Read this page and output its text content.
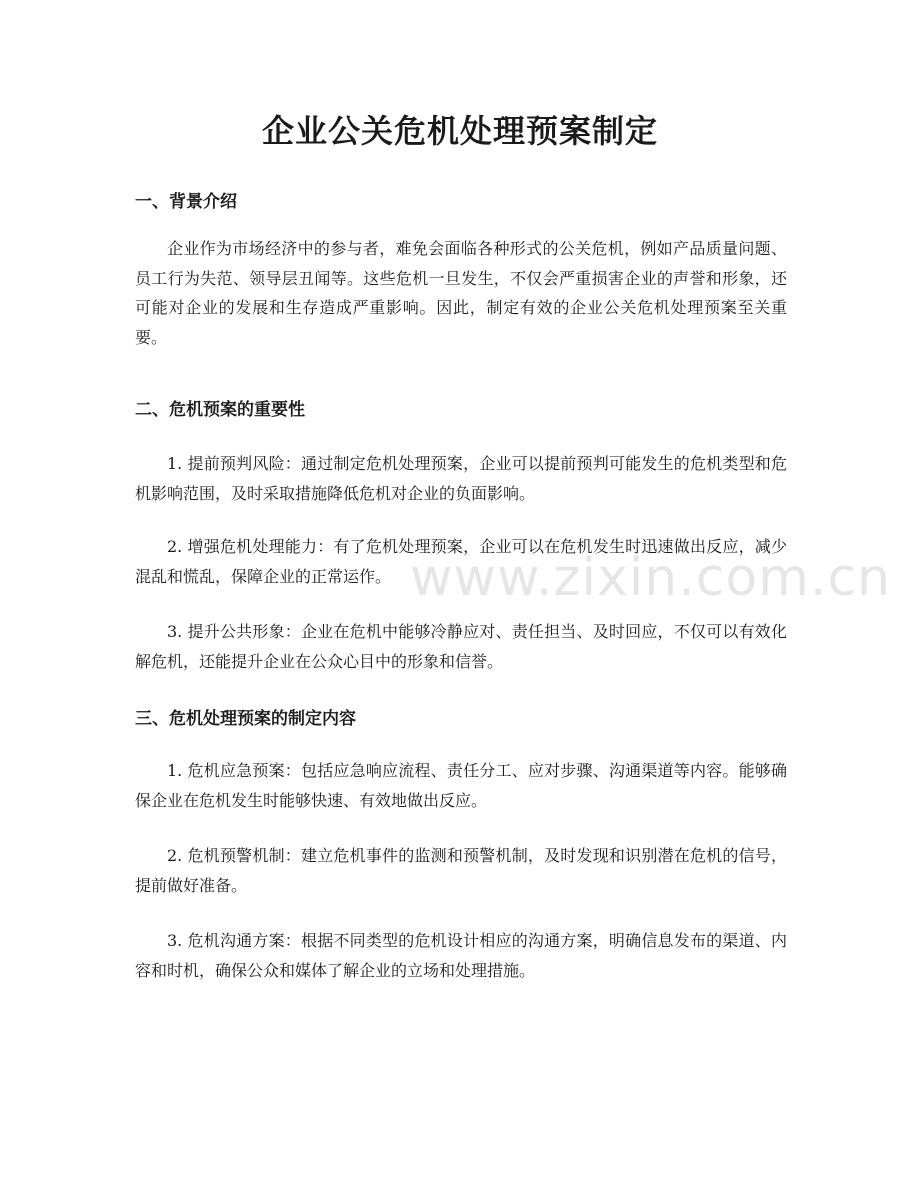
企业公关危机处理预案制定
一、背景介绍

企业作为市场经济中的参与者，难免会面临各种形式的公关危机，例如产品质量问题、员工行为失范、领导层丑闻等。这些危机一旦发生，不仅会严重损害企业的声誉和形象，还可能对企业的发展和生存造成严重影响。因此，制定有效的企业公关危机处理预案至关重要。

二、危机预案的重要性

1. 提前预判风险：通过制定危机处理预案，企业可以提前预判可能发生的危机类型和危机影响范围，及时采取措施降低危机对企业的负面影响。

2. 增强危机处理能力：有了危机处理预案，企业可以在危机发生时迅速做出反应，减少混乱和慌乱，保障企业的正常运作。

3. 提升公共形象：企业在危机中能够冷静应对、责任担当、及时回应，不仅可以有效化解危机，还能提升企业在公众心目中的形象和信誉。

三、危机处理预案的制定内容

1. 危机应急预案：包括应急响应流程、责任分工、应对步骤、沟通渠道等内容。能够确保企业在危机发生时能够快速、有效地做出反应。

2. 危机预警机制：建立危机事件的监测和预警机制，及时发现和识别潜在危机的信号，提前做好准备。

3. 危机沟通方案：根据不同类型的危机设计相应的沟通方案，明确信息发布的渠道、内容和时机，确保公众和媒体了解企业的立场和处理措施。

www.zixin.com.cn
